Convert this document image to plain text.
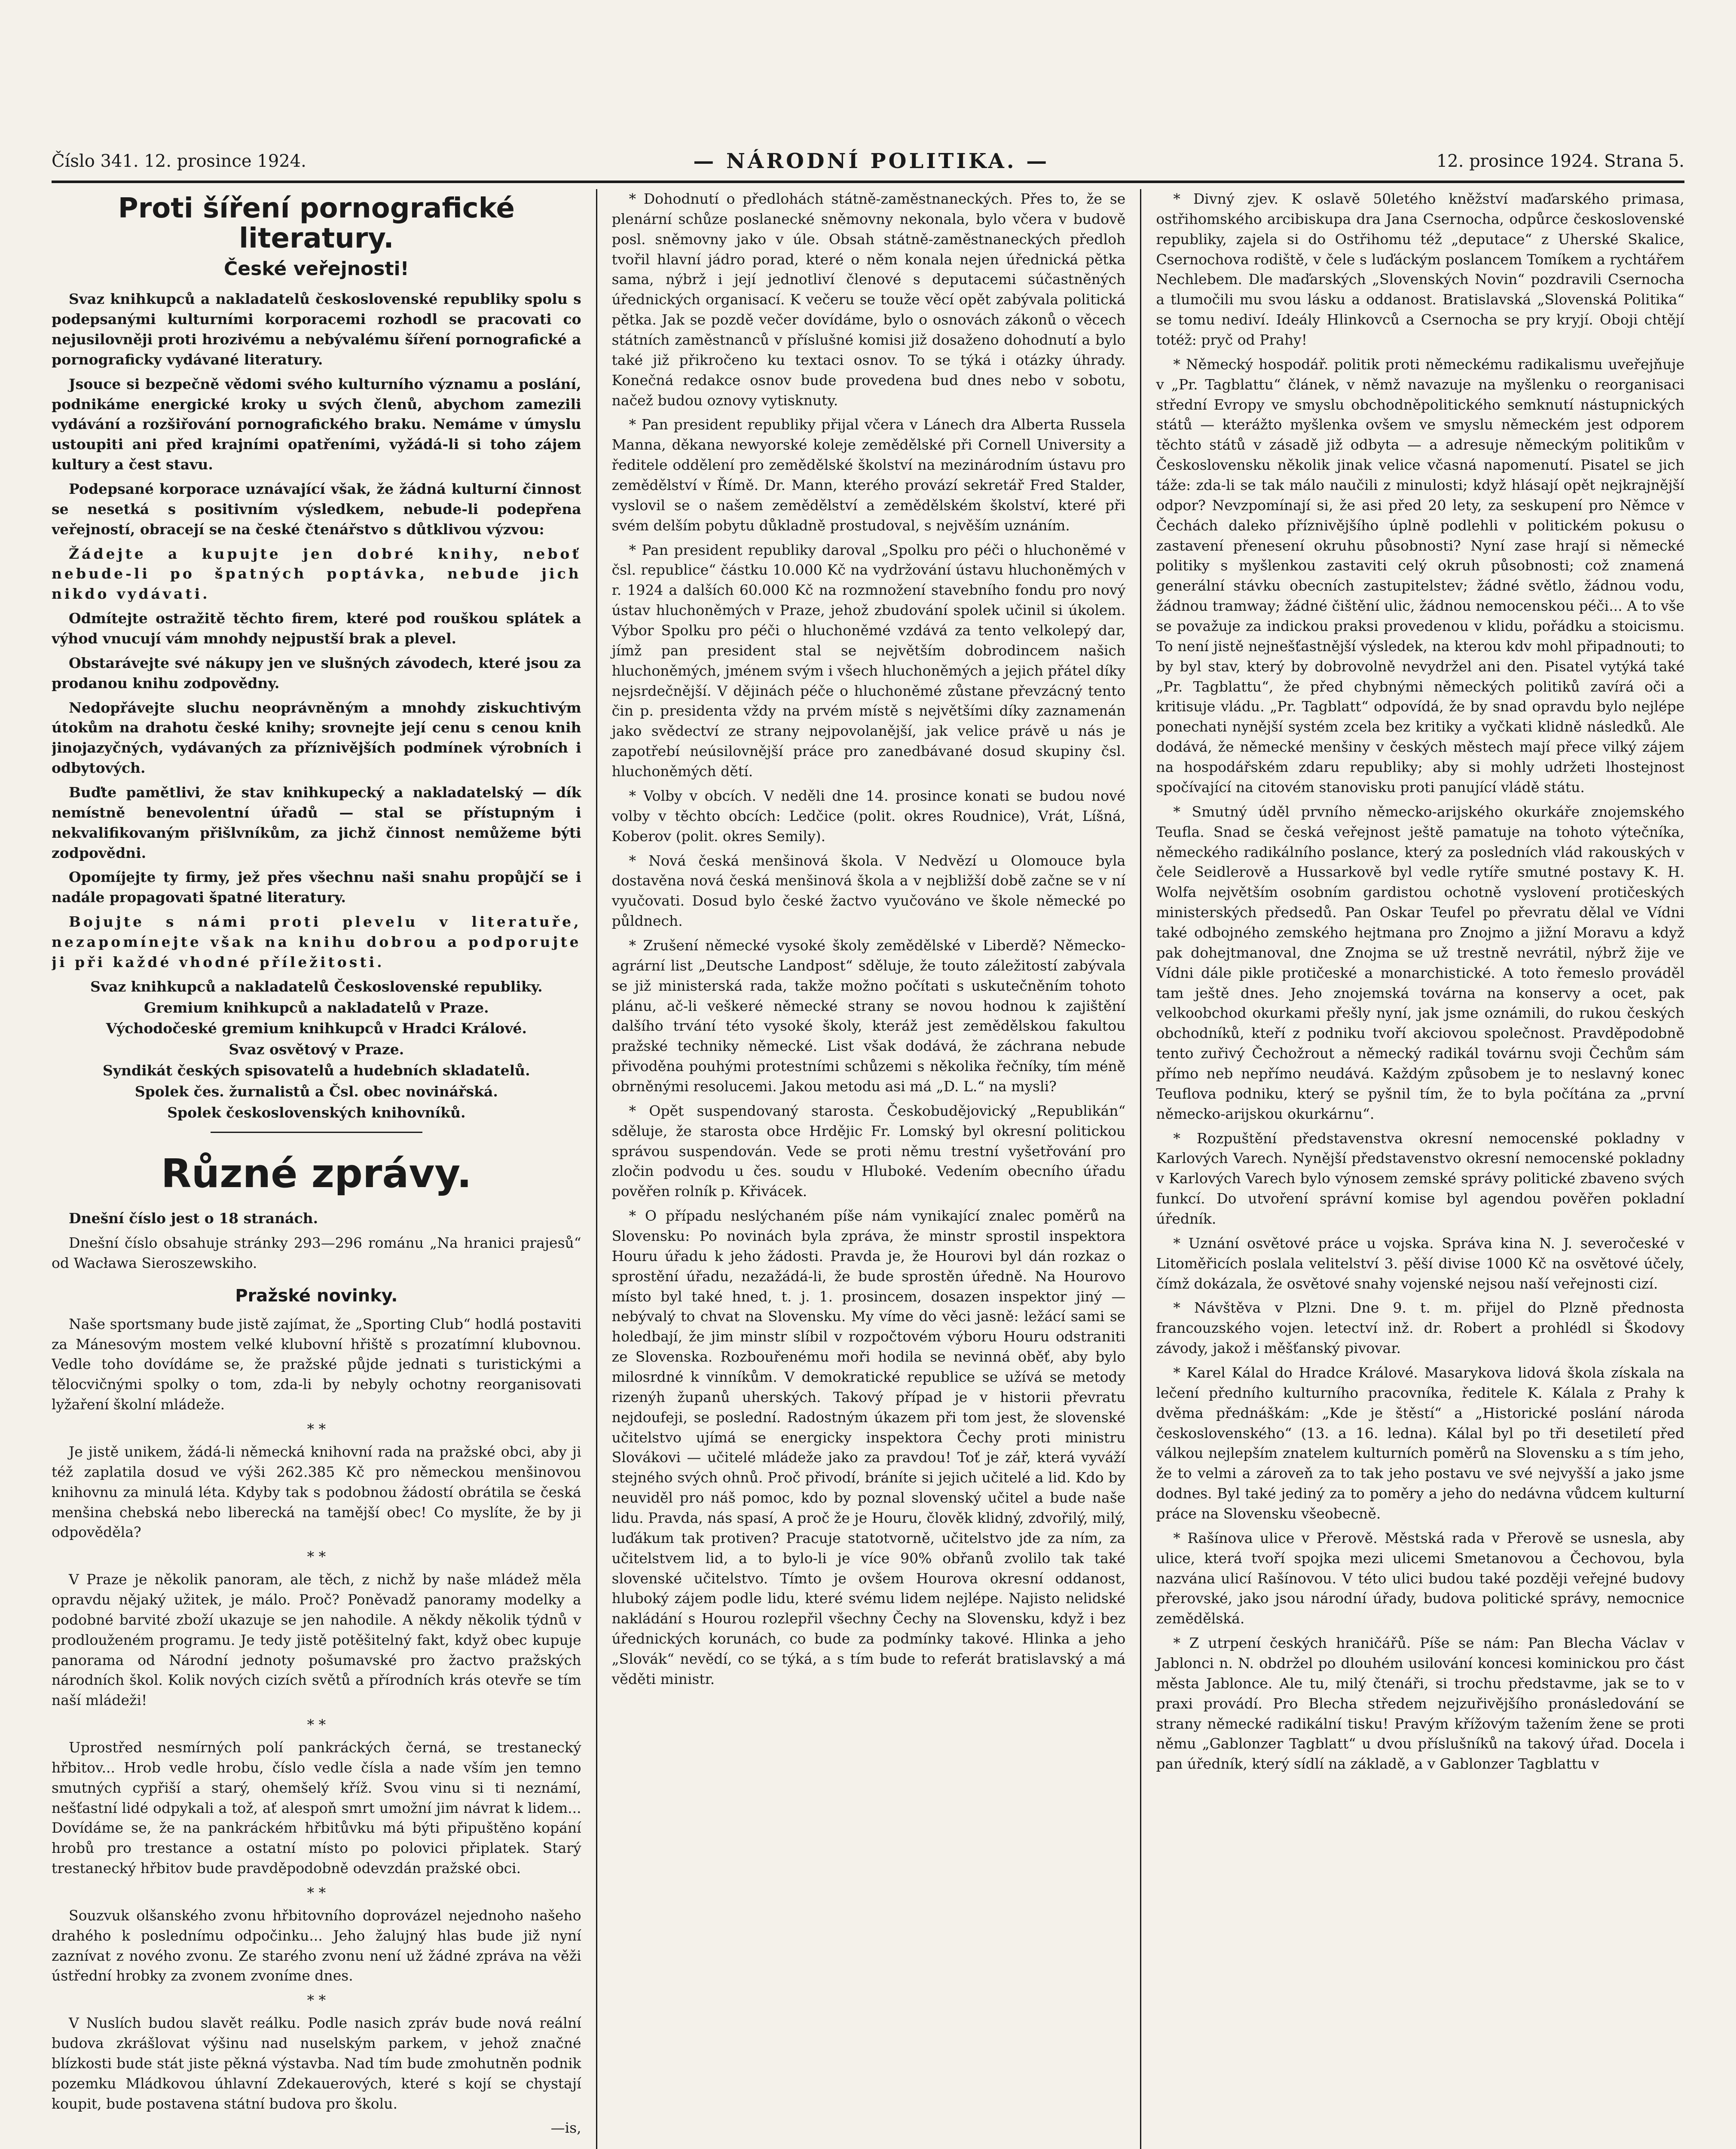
Číslo 341. 12. prosince 1924.	— NÁRODNÍ POLITIKA. —	12. prosince 1924. Strana 5.
Proti šíření pornografické literatury.
České veřejnosti!

Svaz knihkupců a nakladatelů československé republiky spolu s podepsanými kulturními korporacemi rozhodl se pracovati co nejusilovněji proti hrozivému a nebývalému šíření pornografické a pornograficky vydávané literatury.

Jsouce si bezpečně vědomi svého kulturního významu a poslání, podnikáme energické kroky u svých členů, abychom zamezili vydávání a rozšiřování pornografického braku. Nemáme v úmyslu ustoupiti ani před krajními opatřeními, vyžádá-li si toho zájem kultury a čest stavu.

Podepsané korporace uznávající však, že žádná kulturní činnost se nesetká s positivním výsledkem, nebude-li podepřena veřejností, obracejí se na české čtenářstvo s důtklivou výzvou:

Žádejte a kupujte jen dobré knihy, neboť nebude-li po špatných poptávka, nebude jich nikdo vydávati.

Odmítejte ostražitě těchto firem, které pod rouškou splátek a výhod vnucují vám mnohdy nejpustší brak a plevel.

Obstarávejte své nákupy jen ve slušných závodech, které jsou za prodanou knihu zodpovědny.

Nedopřávejte sluchu neoprávněným a mnohdy ziskuchtivým útokům na drahotu české knihy; srovnejte její cenu s cenou knih jinojazyčných, vydávaných za příznivějších podmínek výrobních i odbytových.

Buďte pamětlivi, že stav knihkupecký a nakladatelský — dík nemístně benevolentní úřadů — stal se přístupným i nekvalifikovaným přišlvníkům, za jichž činnost nemůžeme býti zodpovědni.

Opomíjejte ty firmy, jež přes všechnu naši snahu propůjčí se i nadále propagovati špatné literatury.

Bojujte s námi proti plevelu v literatuře, nezapomínejte však na knihu dobrou a podporujte ji při každé vhodné příležitosti.

Svaz knihkupců a nakladatelů Československé republiky.

Gremium knihkupců a nakladatelů v Praze.

Východočeské gremium knihkupců v Hradci Králové.

Svaz osvětový v Praze.

Syndikát českých spisovatelů a hudebních skladatelů.

Spolek čes. žurnalistů a Čsl. obec novinářská.

Spolek československých knihovníků.

Různé zprávy.

Dnešní číslo jest o 18 stranách.

Dnešní číslo obsahuje stránky 293—296 románu „Na hranici prajesů“ od Wacława Sieroszewskiho.

Pražské novinky.

Naše sportsmany bude jistě zajímat, že „Sporting Club“ hodlá postaviti za Mánesovým mostem velké klubovní hřiště s prozatímní klubovnou. Vedle toho dovídáme se, že pražské půjde jednati s turistickými a tělocvičnými spolky o tom, zda-li by nebyly ochotny reorganisovati lyžaření školní mládeže.

* *

Je jistě unikem, žádá-li německá knihovní rada na pražské obci, aby ji též zaplatila dosud ve výši 262.385 Kč pro německou menšinovou knihovnu za minulá léta. Kdyby tak s podobnou žádostí obrátila se česká menšina chebská nebo liberecká na tamější obec! Co myslíte, že by ji odpověděla?

* *

V Praze je několik panoram, ale těch, z nichž by naše mládež měla opravdu nějaký užitek, je málo. Proč? Poněvadž panoramy modelky a podobné barvité zboží ukazuje se jen nahodile. A někdy několik týdnů v prodlouženém programu. Je tedy jistě potěšitelný fakt, když obec kupuje panorama od Národní jednoty pošumavské pro žactvo pražských národních škol. Kolik nových cizích světů a přírodních krás otevře se tím naší mládeži!

* *

Uprostřed nesmírných polí pankráckých černá, se trestanecký hřbitov... Hrob vedle hrobu, číslo vedle čísla a nade vším jen temno smutných cypřiší a starý, ohemšelý kříž. Svou vinu si ti neznámí, nešťastní lidé odpykali a tož, ať alespoň smrt umožní jim návrat k lidem... Dovídáme se, že na pankráckém hřbitůvku má býti připuštěno kopání hrobů pro trestance a ostatní místo po polovici připlatek. Starý trestanecký hřbitov bude pravděpodobně odevzdán pražské obci.

* *

Souzvuk olšanského zvonu hřbitovního doprovázel nejednoho našeho drahého k poslednímu odpočinku... Jeho žalujný hlas bude již nyní zaznívat z nového zvonu. Ze starého zvonu není už žádné zpráva na věži ústřední hrobky za zvonem zvoníme dnes.

* *

V Nuslích budou slavět reálku. Podle nasich zpráv bude nová reální budova zkrášlovat výšinu nad nuselským parkem, v jehož značné blízkosti bude stát jiste pěkná výstavba. Nad tím bude zmohutněn podnik pozemku Mládkovou úhlavní Zdekauerových, které s kojí se chystají koupit, bude postavena státní budova pro školu.

—is,

* Dohodnutí o předlohách státně-zaměstnaneckých. Přes to, že se plenární schůze poslanecké sněmovny nekonala, bylo včera v budově posl. sněmovny jako v úle. Obsah státně-zaměstnaneckých předloh tvořil hlavní jádro porad, které o něm konala nejen úřednická pětka sama, nýbrž i její jednotliví členové s deputacemi súčastněných úřednických organisací. K večeru se touže věcí opět zabývala politická pětka. Jak se pozdě večer dovídáme, bylo o osnovách zákonů o věcech státních zaměstnanců v příslušné komisi již dosaženo dohodnutí a bylo také již přikročeno ku textaci osnov. To se týká i otázky úhrady. Konečná redakce osnov bude provedena bud dnes nebo v sobotu, načež budou oznovy vytisknuty.

* Pan president republiky přijal včera v Lánech dra Alberta Russela Manna, děkana newyorské koleje zemědělské při Cornell University a ředitele oddělení pro zemědělské školství na mezinárodním ústavu pro zemědělství v Římě. Dr. Mann, kterého provází sekretář Fred Stalder, vyslovil se o našem zemědělství a zemědělském školství, které při svém delším pobytu důkladně prostudoval, s nejvěším uznáním.

* Pan president republiky daroval „Spolku pro péči o hluchoněmé v čsl. republice“ částku 10.000 Kč na vydržování ústavu hluchoněmých v r. 1924 a dalších 60.000 Kč na rozmnožení stavebního fondu pro nový ústav hluchoněmých v Praze, jehož zbudování spolek učinil si úkolem. Výbor Spolku pro péči o hluchoněmé vzdává za tento velkolepý dar, jímž pan president stal se největším dobrodincem našich hluchoněmých, jménem svým i všech hluchoněmých a jejich přátel díky nejsrdečnější. V dějinách péče o hluchoněmé zůstane převzácný tento čin p. presidenta vždy na prvém místě s největšími díky zaznamenán jako svědectví ze strany nejpovolanější, jak velice právě u nás je zapotřebí neúsilovnější práce pro zanedbávané dosud skupiny čsl. hluchoněmých dětí.

* Volby v obcích. V neděli dne 14. prosince konati se budou nové volby v těchto obcích: Ledčice (polit. okres Roudnice), Vrát, Líšná, Koberov (polit. okres Semily).

* Nová česká menšinová škola. V Nedvězí u Olomouce byla dostavěna nová česká menšinová škola a v nejbližší době začne se v ní vyučovati. Dosud bylo české žactvo vyučováno ve škole německé po půldnech.

* Zrušení německé vysoké školy zemědělské v Liberdě? Německo-agrární list „Deutsche Landpost“ sděluje, že touto záležitostí zabývala se již ministerská rada, takže možno počítati s uskutečněním tohoto plánu, ač-li veškeré německé strany se novou hodnou k zajištění dalšího trvání této vysoké školy, kteráž jest zemědělskou fakultou pražské techniky německé. List však dodává, že záchrana nebude přivoděna pouhými protestními schůzemi s několika řečníky, tím méně obrněnými resolucemi. Jakou metodu asi má „D. L.“ na mysli?

* Opět suspendovaný starosta. Českobudějovický „Republikán“ sděluje, že starosta obce Hrdějic Fr. Lomský byl okresní politickou správou suspendován. Vede se proti němu trestní vyšetřování pro zločin podvodu u čes. soudu v Hluboké. Vedením obecního úřadu pověřen rolník p. Křivácek.

* O případu neslýchaném píše nám vynikající znalec poměrů na Slovensku: Po novinách byla zpráva, že minstr sprostil inspektora Houru úřadu k jeho žádosti. Pravda je, že Hourovi byl dán rozkaz o sprostění úřadu, nezažádá-li, že bude sprostěn úředně. Na Hourovo místo byl také hned, t. j. 1. prosincem, dosazen inspektor jiný — nebývalý to chvat na Slovensku. My víme do věci jasně: ležácí sami se holedbají, že jim minstr slíbil v rozpočtovém výboru Houru odstraniti ze Slovenska. Rozbouřenému moři hodila se nevinná oběť, aby bylo milosrdné k vinníkům. V demokratické republice se užívá se metody rizenýh županů uherských. Takový případ je v historii převratu nejdoufeji, se poslední. Radostným úkazem při tom jest, že slovenské učitelstvo ujímá se energicky inspektora Čechy proti ministru Slovákovi — učitelé mládeže jako za pravdou! Toť je zář, která vyváží stejného svých ohnů. Proč přivodí, bráníte si jejich učitelé a lid. Kdo by neuviděl pro náš pomoc, kdo by poznal slovenský učitel a bude naše lidu. Pravda, nás spasí, A proč že je Houru, člověk klidný, zdvořilý, milý, luďákum tak protiven? Pracuje statotvorně, učitelstvo jde za ním, za učitelstvem lid, a to bylo-li je více 90% obřanů zvolilo tak také slovenské učitelstvo. Tímto je ovšem Hourova okresní oddanost, hluboký zájem podle lidu, které svému lidem nejlépe. Najisto nelidské nakládání s Hourou rozlepřil všechny Čechy na Slovensku, když i bez úřednických korunách, co bude za podmínky takové. Hlinka a jeho „Slovák“ nevědí, co se týká, a s tím bude to referát bratislavský a má věděti ministr.

* Divný zjev. K oslavě 50letého kněžství maďarského primasa, ostřihomského arcibiskupa dra Jana Csernocha, odpůrce československé republiky, zajela si do Ostřihomu též „deputace“ z Uherské Skalice, Csernochova rodiště, v čele s luďáckým poslancem Tomíkem a rychtářem Nechlebem. Dle maďarských „Slovenských Novin“ pozdravili Csernocha a tlumočili mu svou lásku a oddanost. Bratislavská „Slovenská Politika“ se tomu nediví. Ideály Hlinkovců a Csernocha se pry kryjí. Oboji chtějí totéž: pryč od Prahy!

* Německý hospodář. politik proti německému radikalismu uveřejňuje v „Pr. Tagblattu“ článek, v němž navazuje na myšlenku o reorganisaci střední Evropy ve smyslu obchodněpolitického semknutí nástupnických států — kterážto myšlenka ovšem ve smyslu německém jest odporem těchto států v zásadě již odbyta — a adresuje německým politikům v Československu několik jinak velice včasná napomenutí. Pisatel se jich táže: zda-li se tak málo naučili z minulosti; když hlásají opět nejkrajnější odpor? Nevzpomínají si, že asi před 20 lety, za seskupení pro Němce v Čechách daleko příznivějšího úplně podlehli v politickém pokusu o zastavení přenesení okruhu působnosti? Nyní zase hrají si německé politiky s myšlenkou zastaviti celý okruh působnosti; což znamená generální stávku obecních zastupitelstev; žádné světlo, žádnou vodu, žádnou tramway; žádné čištění ulic, žádnou nemocenskou péči... A to vše se považuje za indickou praksi provedenou v klidu, pořádku a stoicismu. To není jistě nejnešťastnější výsledek, na kterou kdv mohl připadnouti; to by byl stav, který by dobrovolně nevydržel ani den. Pisatel vytýká také „Pr. Tagblattu“, že před chybnými německých politiků zavírá oči a kritisuje vládu. „Pr. Tagblatt“ odpovídá, že by snad opravdu bylo nejlépe ponechati nynější systém zcela bez kritiky a vyčkati klidně následků. Ale dodává, že německé menšiny v českých městech mají přece vilký zájem na hospodářském zdaru republiky; aby si mohly udržeti lhostejnost spočívající na citovém stanovisku proti panující vládě státu.

* Smutný úděl prvního německo-arijského okurkáře znojemského Teufla. Snad se česká veřejnost ještě pamatuje na tohoto výtečníka, německého radikálního poslance, který za posledních vlád rakouských v čele Seidlerově a Hussarkově byl vedle rytíře smutné postavy K. H. Wolfa největším osobním gardistou ochotně vyslovení protičeských ministerských předsedů. Pan Oskar Teufel po převratu dělal ve Vídni také odbojného zemského hejtmana pro Znojmo a jižní Moravu a když pak dohejtmanoval, dne Znojma se už trestně nevrátil, nýbrž žije ve Vídni dále pikle protičeské a monarchistické. A toto řemeslo prováděl tam ještě dnes. Jeho znojemská továrna na konservy a ocet, pak velkoobchod okurkami přešly nyní, jak jsme oznámili, do rukou českých obchodníků, kteří z podniku tvoří akciovou společnost. Pravděpodobně tento zuřivý Čechožrout a německý radikál továrnu svoji Čechům sám přímo neb nepřímo neudává. Každým způsobem je to neslavný konec Teuflova podniku, který se pyšnil tím, že to byla počítána za „první německo-arijskou okurkárnu“.

* Rozpuštění představenstva okresní nemocenské pokladny v Karlových Varech. Nynější představenstvo okresní nemocenské pokladny v Karlových Varech bylo výnosem zemské správy politické zbaveno svých funkcí. Do utvoření správní komise byl agendou pověřen pokladní úředník.

* Uznání osvětové práce u vojska. Správa kina N. J. severočeské v Litoměřicích poslala velitelství 3. pěší divise 1000 Kč na osvětové účely, čímž dokázala, že osvětové snahy vojenské nejsou naší veřejnosti cizí.

* Návštěva v Plzni. Dne 9. t. m. přijel do Plzně přednosta francouzského vojen. letectví inž. dr. Robert a prohlédl si Škodovy závody, jakož i měšťanský pivovar.

* Karel Kálal do Hradce Králové. Masarykova lidová škola získala na lečení předního kulturního pracovníka, ředitele K. Kálala z Prahy k dvěma přednáškám: „Kde je štěstí“ a „Historické poslání národa československého“ (13. a 16. ledna). Kálal byl po tři desetiletí před válkou nejlepším znatelem kulturních poměrů na Slovensku a s tím jeho, že to velmi a zároveň za to tak jeho postavu ve své nejvyšší a jako jsme dodnes. Byl také jediný za to poměry a jeho do nedávna vůdcem kulturní práce na Slovensku všeobecně.

* Rašínova ulice v Přerově. Městská rada v Přerově se usnesla, aby ulice, která tvoří spojka mezi ulicemi Smetanovou a Čechovou, byla nazvána ulicí Rašínovou. V této ulici budou také později veřejné budovy přerovské, jako jsou národní úřady, budova politické správy, nemocnice zemědělská.

* Z utrpení českých hraničářů. Píše se nám: Pan Blecha Václav v Jablonci n. N. obdržel po dlouhém usilování koncesi kominickou pro část města Jablonce. Ale tu, milý čtenáři, si trochu představme, jak se to v praxi provádí. Pro Blecha středem nejzuřivějšího pronásledování se strany německé radikální tisku! Pravým křížovým tažením žene se proti němu „Gablonzer Tagblatt“ u dvou příslušníků na takový úřad. Docela i pan úředník, který sídlí na základě, a v Gablonzer Tagblattu v
